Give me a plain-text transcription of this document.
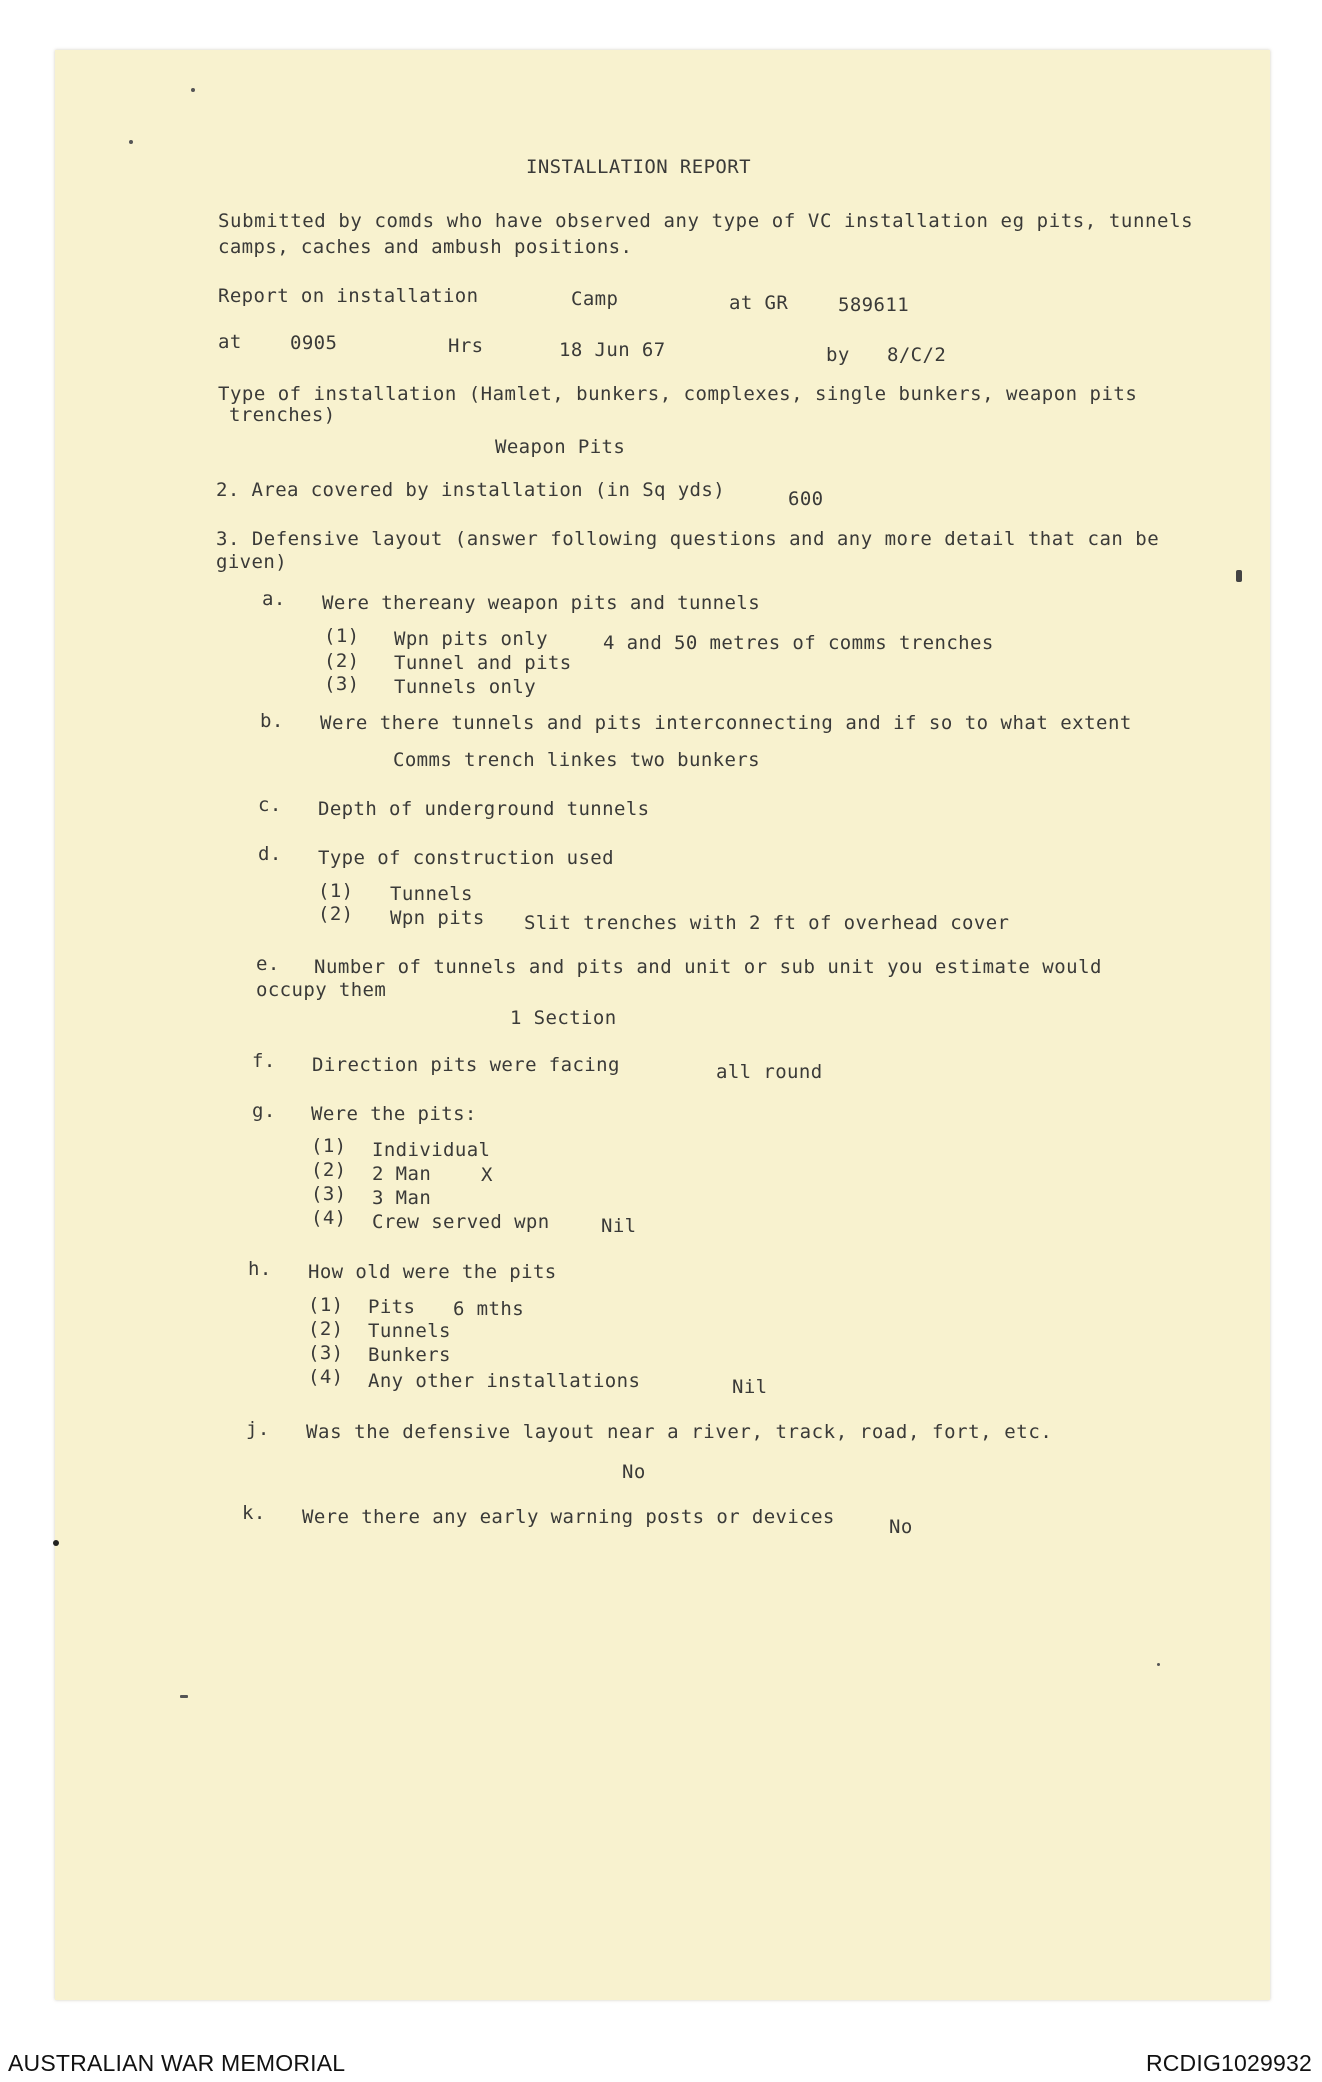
INSTALLATION REPORT
Submitted by comds who have observed any type of VC installation eg pits, tunnels
camps, caches and ambush positions.
Report on installation	Camp	at GR	589611
at	0905	Hrs	18 Jun 67	by 8/C/2
Type of installation (Hamlet, bunkers, complexes, single bunkers, weapon pits
trenches)
Weapon Pits
2. Area covered by installation (in Sq yds)	600
3. Defensive layout (answer following questions and any more detail that can be
given)
a. Were thereany weapon pits and tunnels
(1) Wpn pits only	4 and 50 metres of comms trenches
(2) Tunnel and pits
(3) Tunnels only
b. Were there tunnels and pits interconnecting and if so to what extent
Comms trench linkes two bunkers
c. Depth of underground tunnels
d. Type of construction used
(1) Tunnels
(2) Wpn pits Slit trenches with 2 ft of overhead cover
e. Number of tunnels and pits and unit or sub unit you estimate would
occupy them
1 Section
f. Direction pits were facing	all round
g. Were the pits:
(1) Individual
(2) 2 Man	X
(3) 3 Man
(4) Crew served wpn	Nil
h. How old were the pits
(1) Pits 6 mths
(2) Tunnels
(3) Bunkers
(4) Any other installations	Nil
j. Was the defensive layout near a river, track, road, fort, etc.
No
k. Were there any early warning posts or devices	No
AUSTRALIAN WAR MEMORIAL	RCDIG1029932
